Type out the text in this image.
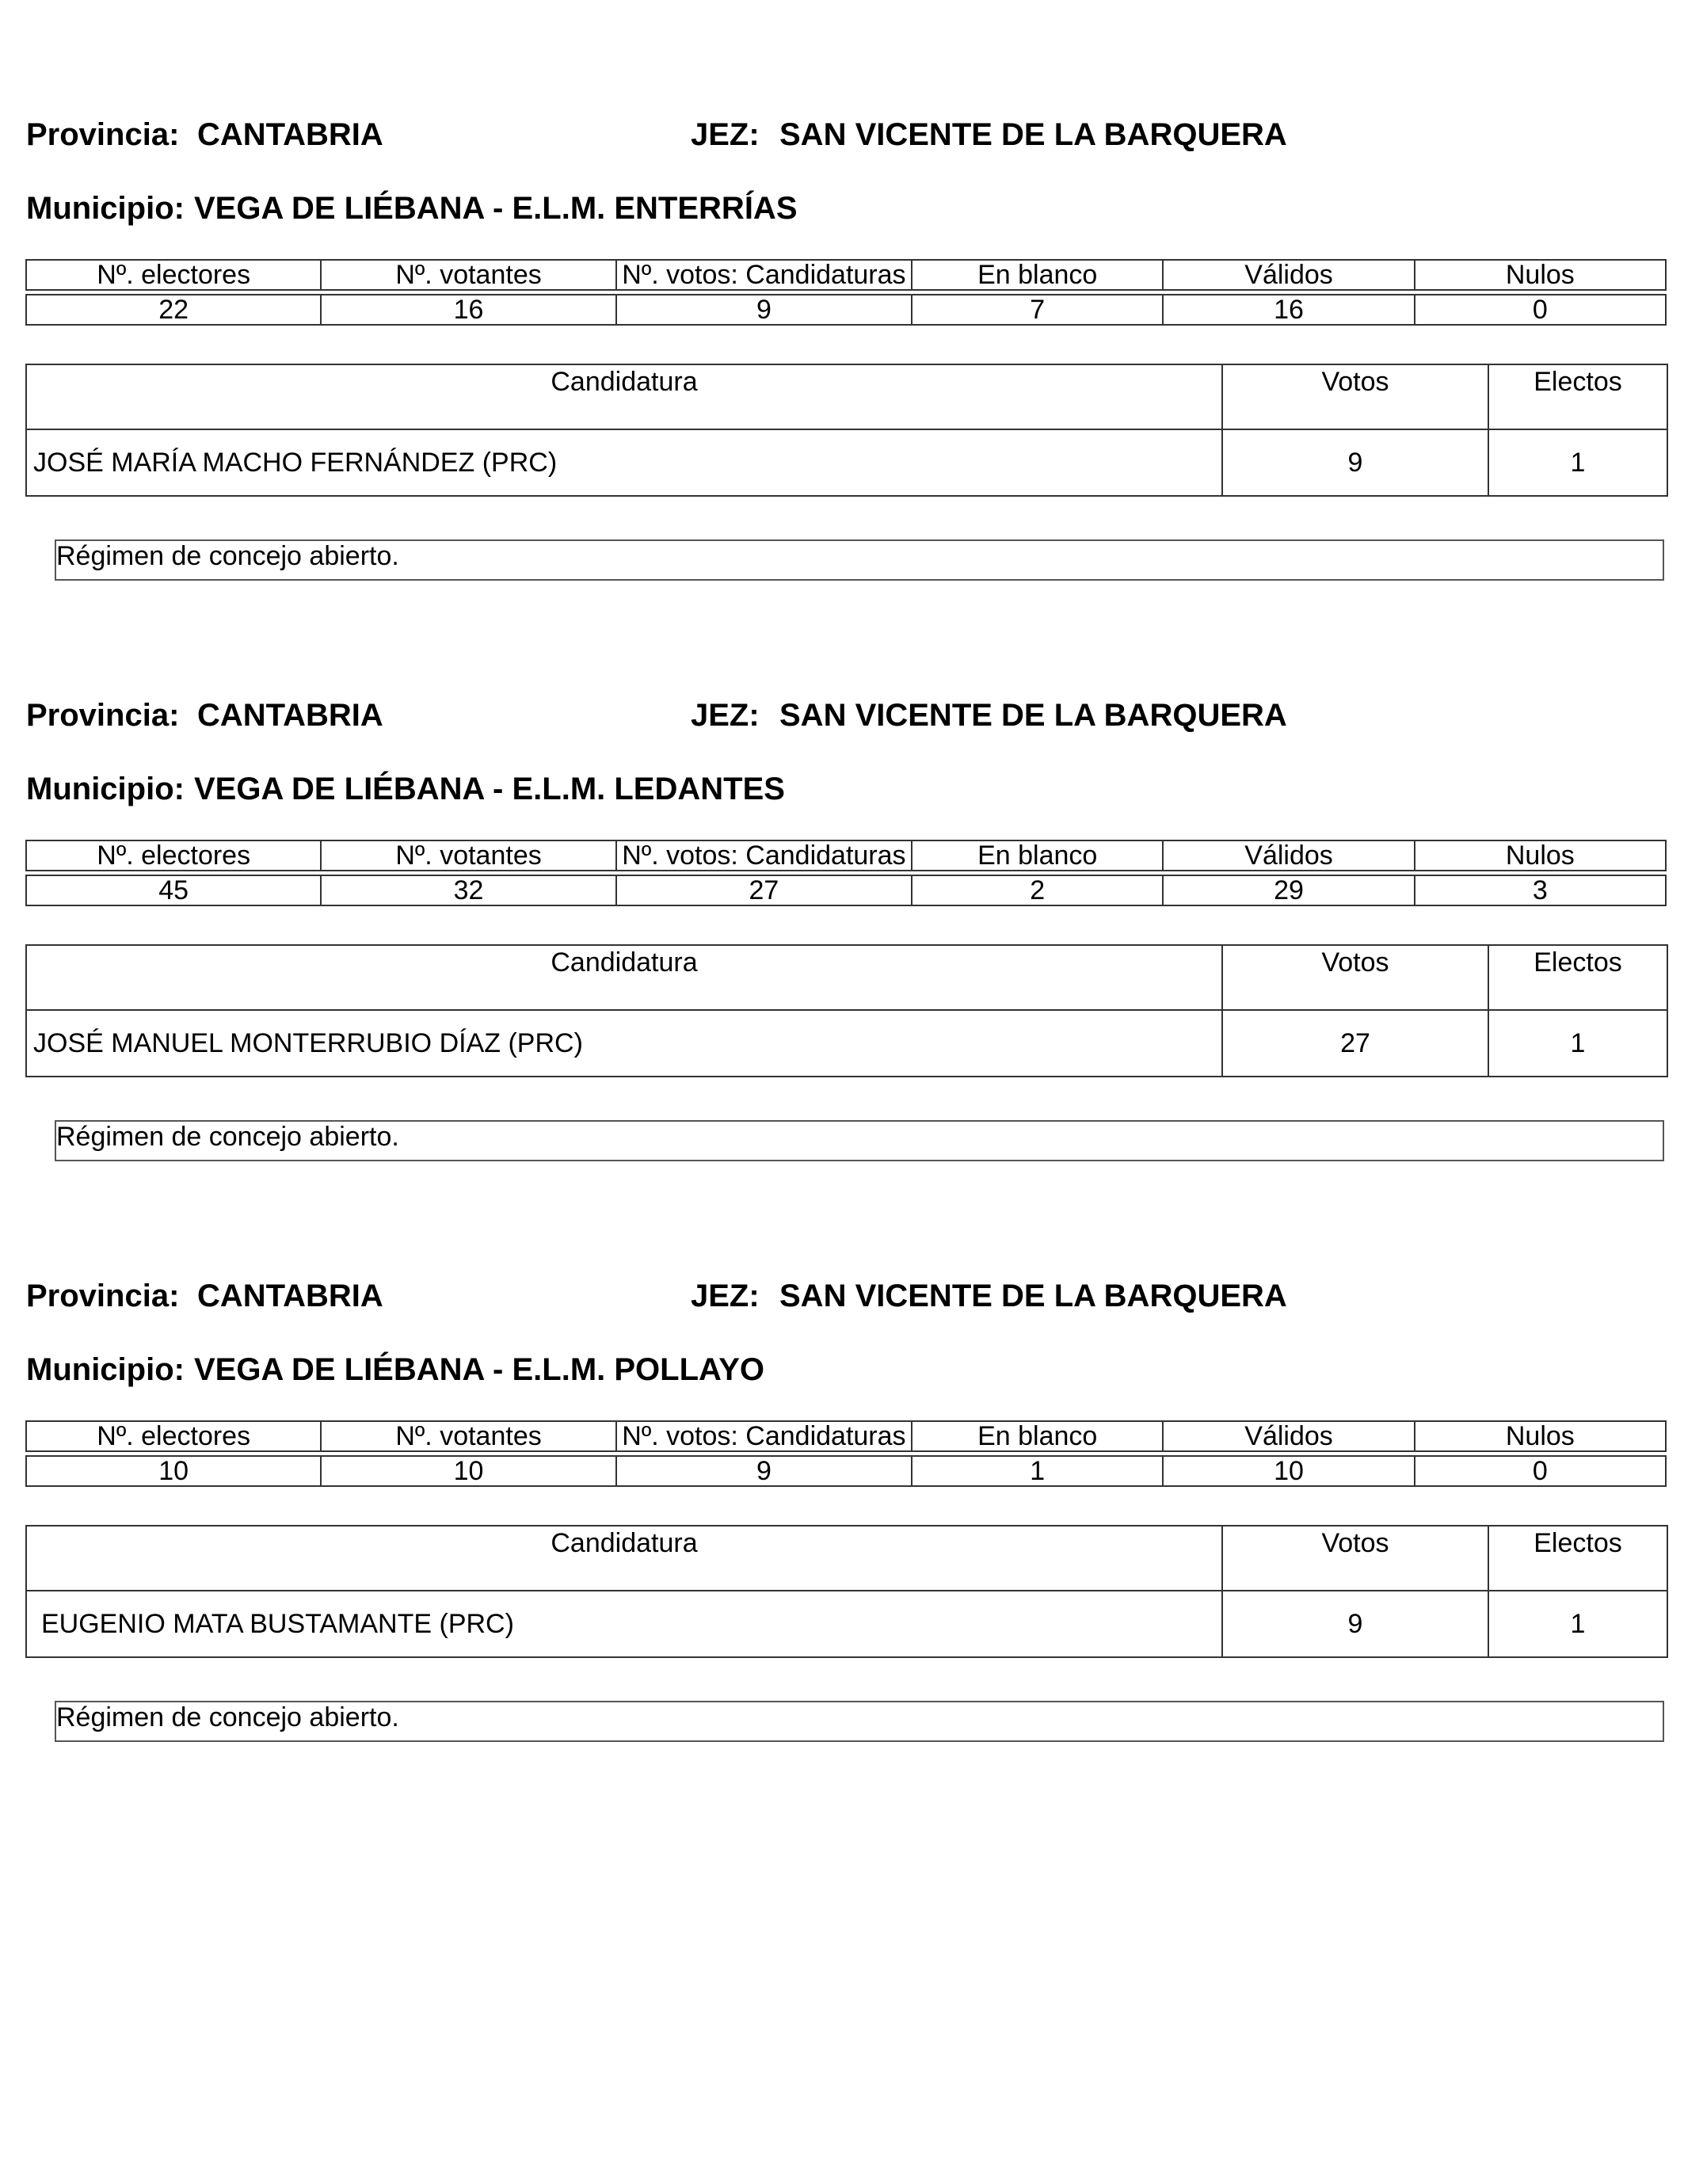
Provincia: CANTABRIA	JEZ: SAN VICENTE DE LA BARQUERA
Municipio: VEGA DE LIÉBANA - E.L.M. ENTERRÍAS
Nº. electores	Nº. votantes	Nº. votos: Candidaturas	En blanco	Válidos	Nulos

22	16	9	7	16	0
Candidatura	Votos	Electos
JOSÉ MARÍA MACHO FERNÁNDEZ (PRC)	9	1
Régimen de concejo abierto.
Provincia: CANTABRIA	JEZ: SAN VICENTE DE LA BARQUERA
Municipio: VEGA DE LIÉBANA - E.L.M. LEDANTES
Nº. electores	Nº. votantes	Nº. votos: Candidaturas	En blanco	Válidos	Nulos

45	32	27	2	29	3
Candidatura	Votos	Electos
JOSÉ MANUEL MONTERRUBIO DÍAZ (PRC)	27	1
Régimen de concejo abierto.
Provincia: CANTABRIA	JEZ: SAN VICENTE DE LA BARQUERA
Municipio: VEGA DE LIÉBANA - E.L.M. POLLAYO
Nº. electores	Nº. votantes	Nº. votos: Candidaturas	En blanco	Válidos	Nulos

10	10	9	1	10	0
Candidatura	Votos	Electos
EUGENIO MATA BUSTAMANTE (PRC)	9	1
Régimen de concejo abierto.
